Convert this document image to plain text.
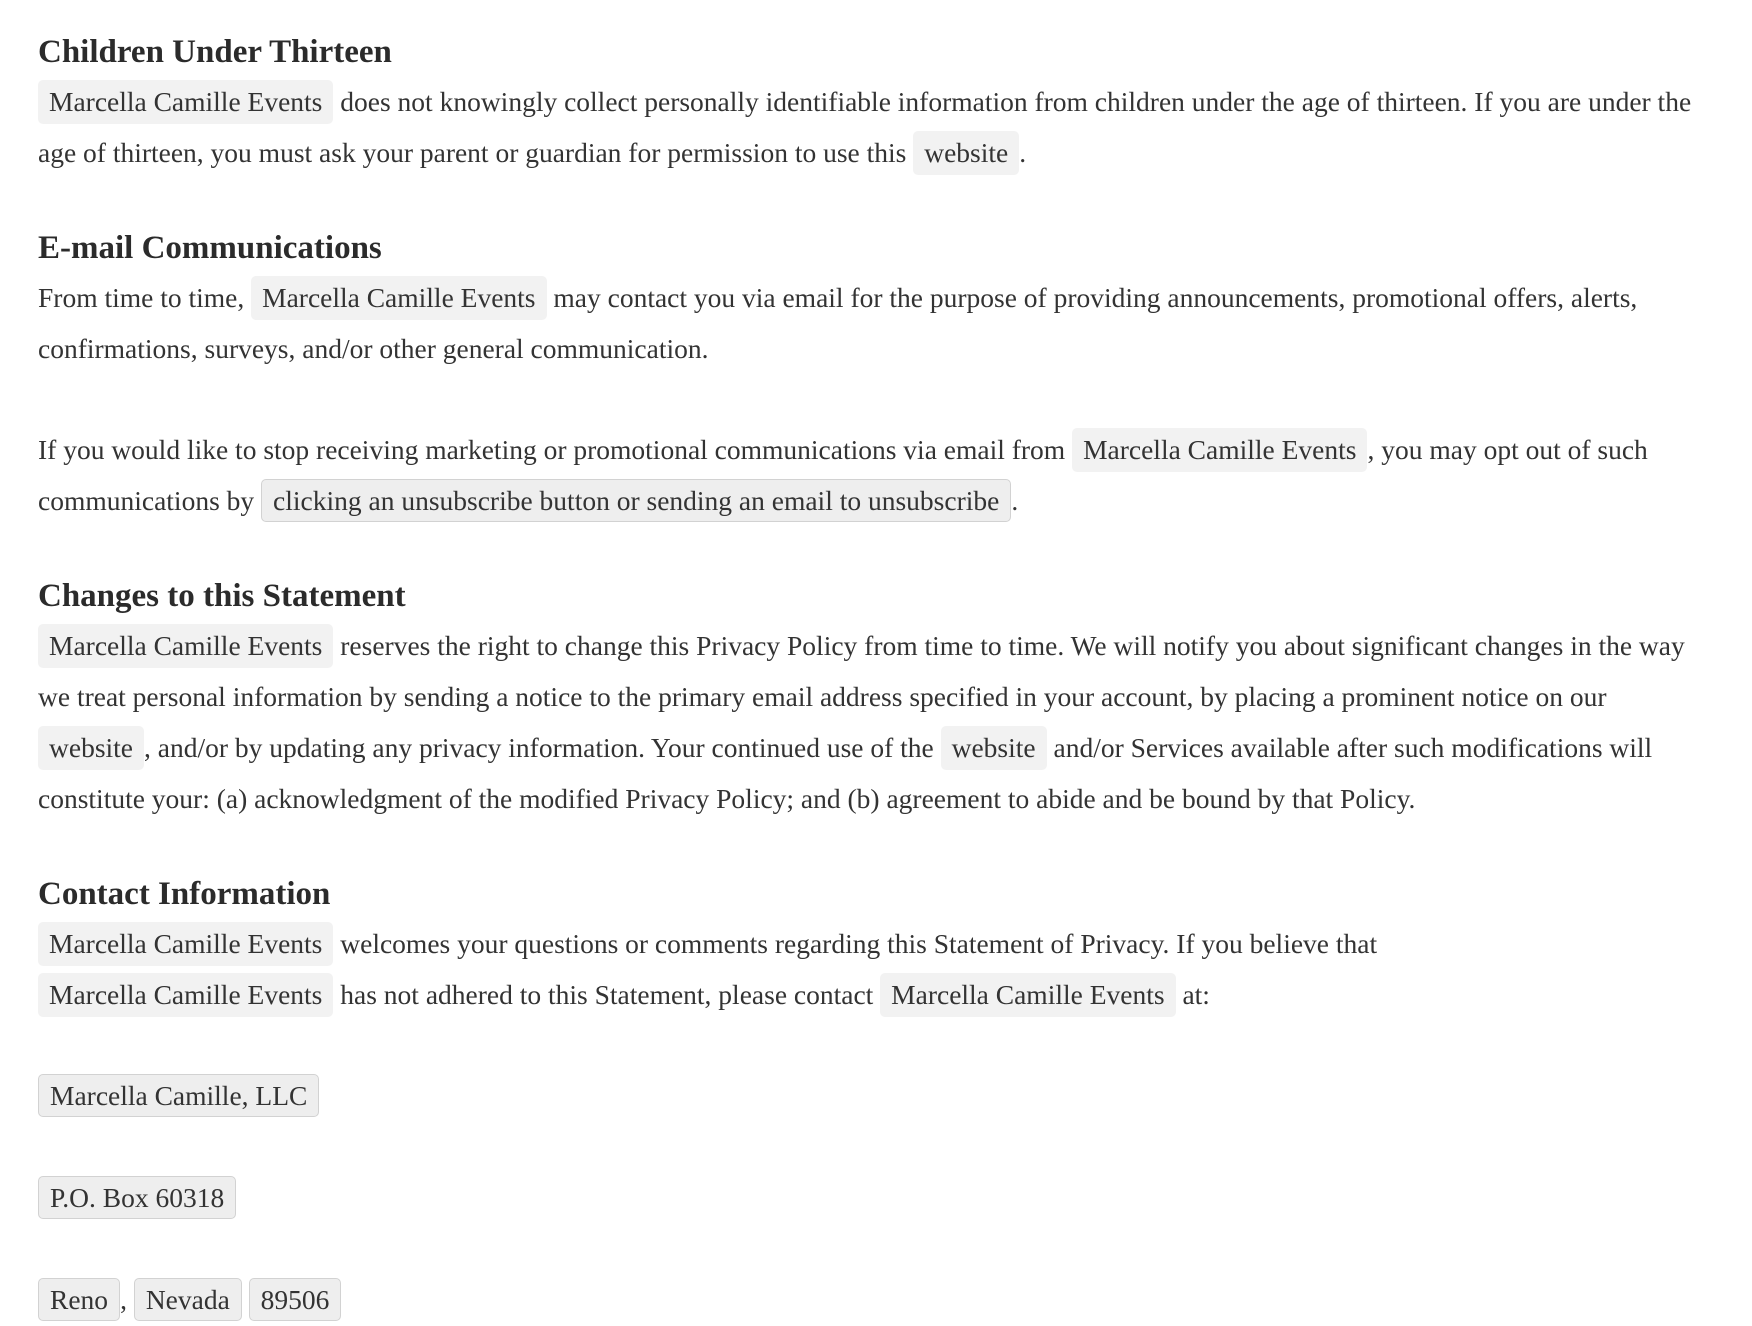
Children Under Thirteen

Marcella Camille Events does not knowingly collect personally identifiable information from children under the age of thirteen. If you are under the age of thirteen, you must ask your parent or guardian for permission to use this website .

E-mail Communications

From time to time, Marcella Camille Events may contact you via email for the purpose of providing announcements, promotional offers, alerts, confirmations, surveys, and/or other general communication.

If you would like to stop receiving marketing or promotional communications via email from Marcella Camille Events , you may opt out of such communications by clicking an unsubscribe button or sending an email to unsubscribe .

Changes to this Statement

Marcella Camille Events reserves the right to change this Privacy Policy from time to time. We will notify you about significant changes in the way we treat personal information by sending a notice to the primary email address specified in your account, by placing a prominent notice on our website , and/or by updating any privacy information. Your continued use of the website and/or Services available after such modifications will constitute your: (a) acknowledgment of the modified Privacy Policy; and (b) agreement to abide and be bound by that Policy.

Contact Information

Marcella Camille Events welcomes your questions or comments regarding this Statement of Privacy. If you believe that
Marcella Camille Events has not adhered to this Statement, please contact Marcella Camille Events at:

Marcella Camille, LLC

P.O. Box 60318

Reno , Nevada 89506
